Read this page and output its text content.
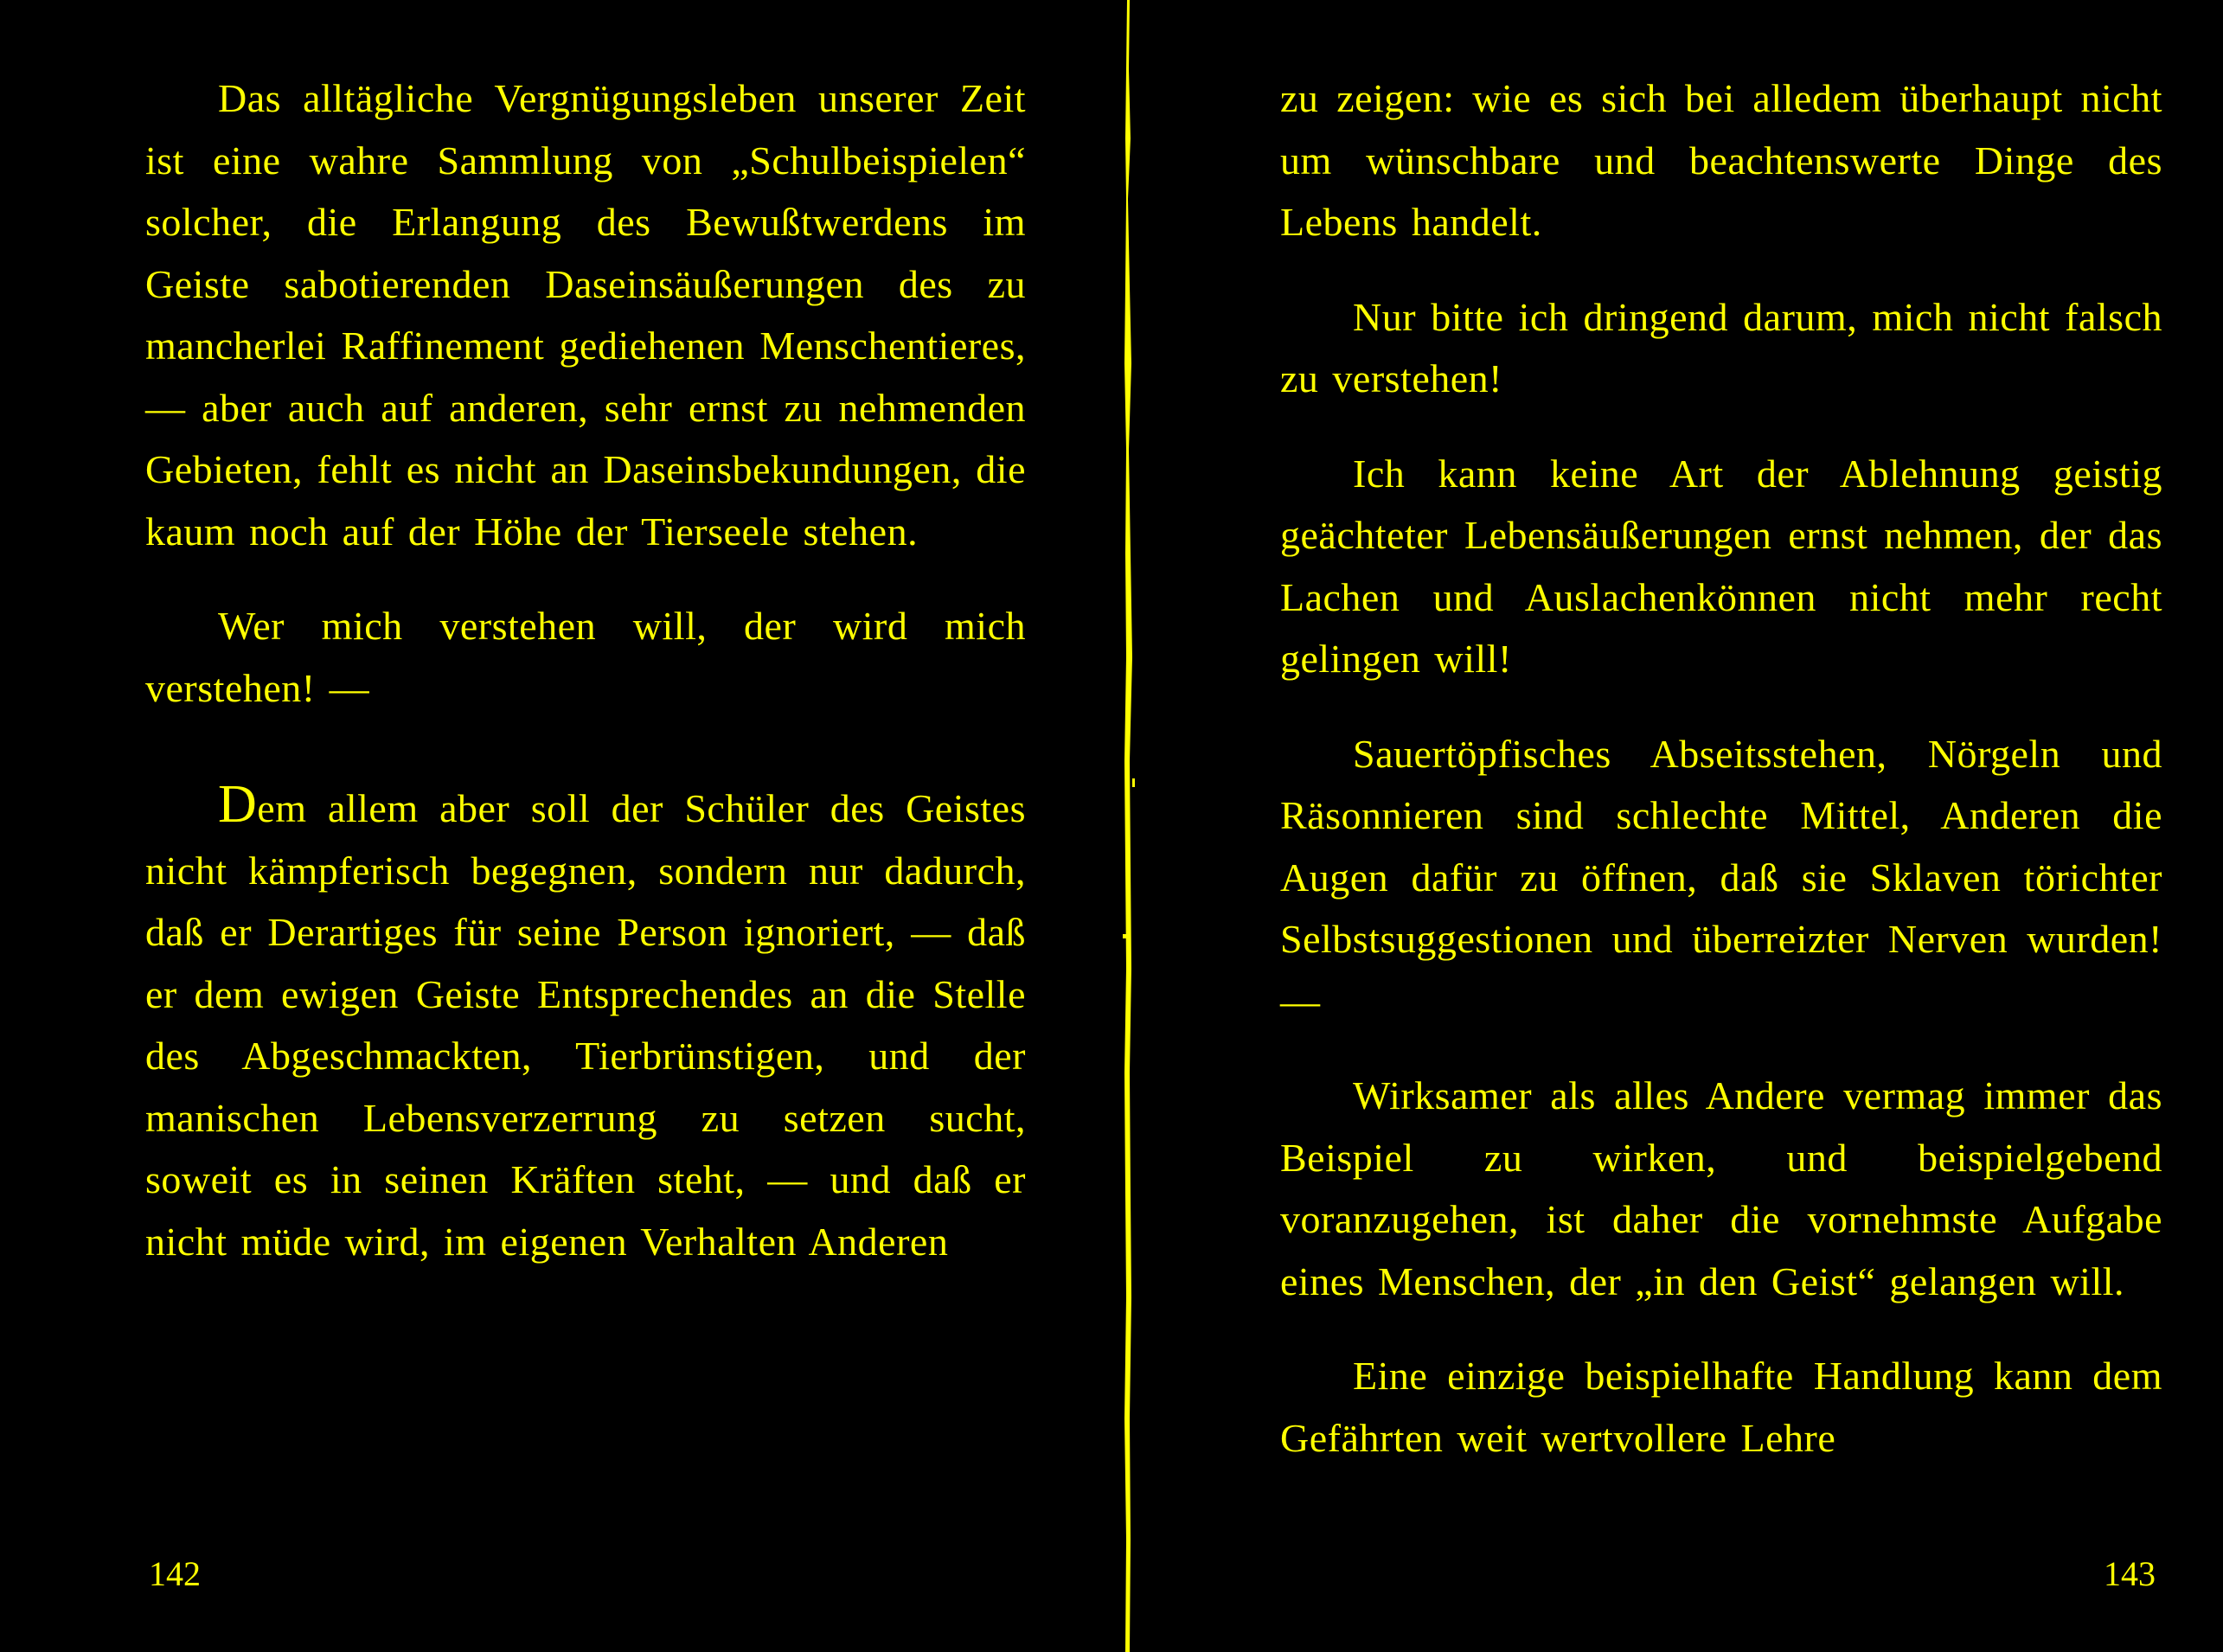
Das alltägliche Vergnügungsleben unserer Zeit ist eine wahre Sammlung von „Schulbeispielen“ solcher, die Erlangung des Bewußtwerdens im Geiste sabotierenden Daseinsäußerungen des zu mancherlei Raffinement gediehenen Menschentieres, — aber auch auf anderen, sehr ernst zu nehmenden Gebieten, fehlt es nicht an Daseinsbekundungen, die kaum noch auf der Höhe der Tierseele stehen.

Wer mich verstehen will, der wird mich verstehen! —

Dem allem aber soll der Schüler des Geistes nicht kämpferisch begegnen, sondern nur dadurch, daß er Derartiges für seine Person ignoriert, — daß er dem ewigen Geiste Entsprechendes an die Stelle des Abgeschmackten, Tierbrünstigen, und der manischen Lebensverzerrung zu setzen sucht, soweit es in seinen Kräften steht, — und daß er nicht müde wird, im eigenen Verhalten Anderen

142

zu zeigen: wie es sich bei alledem überhaupt nicht um wünschbare und beachtenswerte Dinge des Lebens handelt.

Nur bitte ich dringend darum, mich nicht falsch zu verstehen!

Ich kann keine Art der Ablehnung geistig geächteter Lebensäußerungen ernst nehmen, der das Lachen und Auslachenkönnen nicht mehr recht gelingen will!

Sauertöpfisches Abseitsstehen, Nörgeln und Räsonnieren sind schlechte Mittel, Anderen die Augen dafür zu öffnen, daß sie Sklaven törichter Selbstsuggestionen und überreizter Nerven wurden! —

Wirksamer als alles Andere vermag immer das Beispiel zu wirken, und beispielgebend voranzugehen, ist daher die vornehmste Aufgabe eines Menschen, der „in den Geist“ gelangen will.

Eine einzige beispielhafte Handlung kann dem Gefährten weit wertvollere Lehre

143
